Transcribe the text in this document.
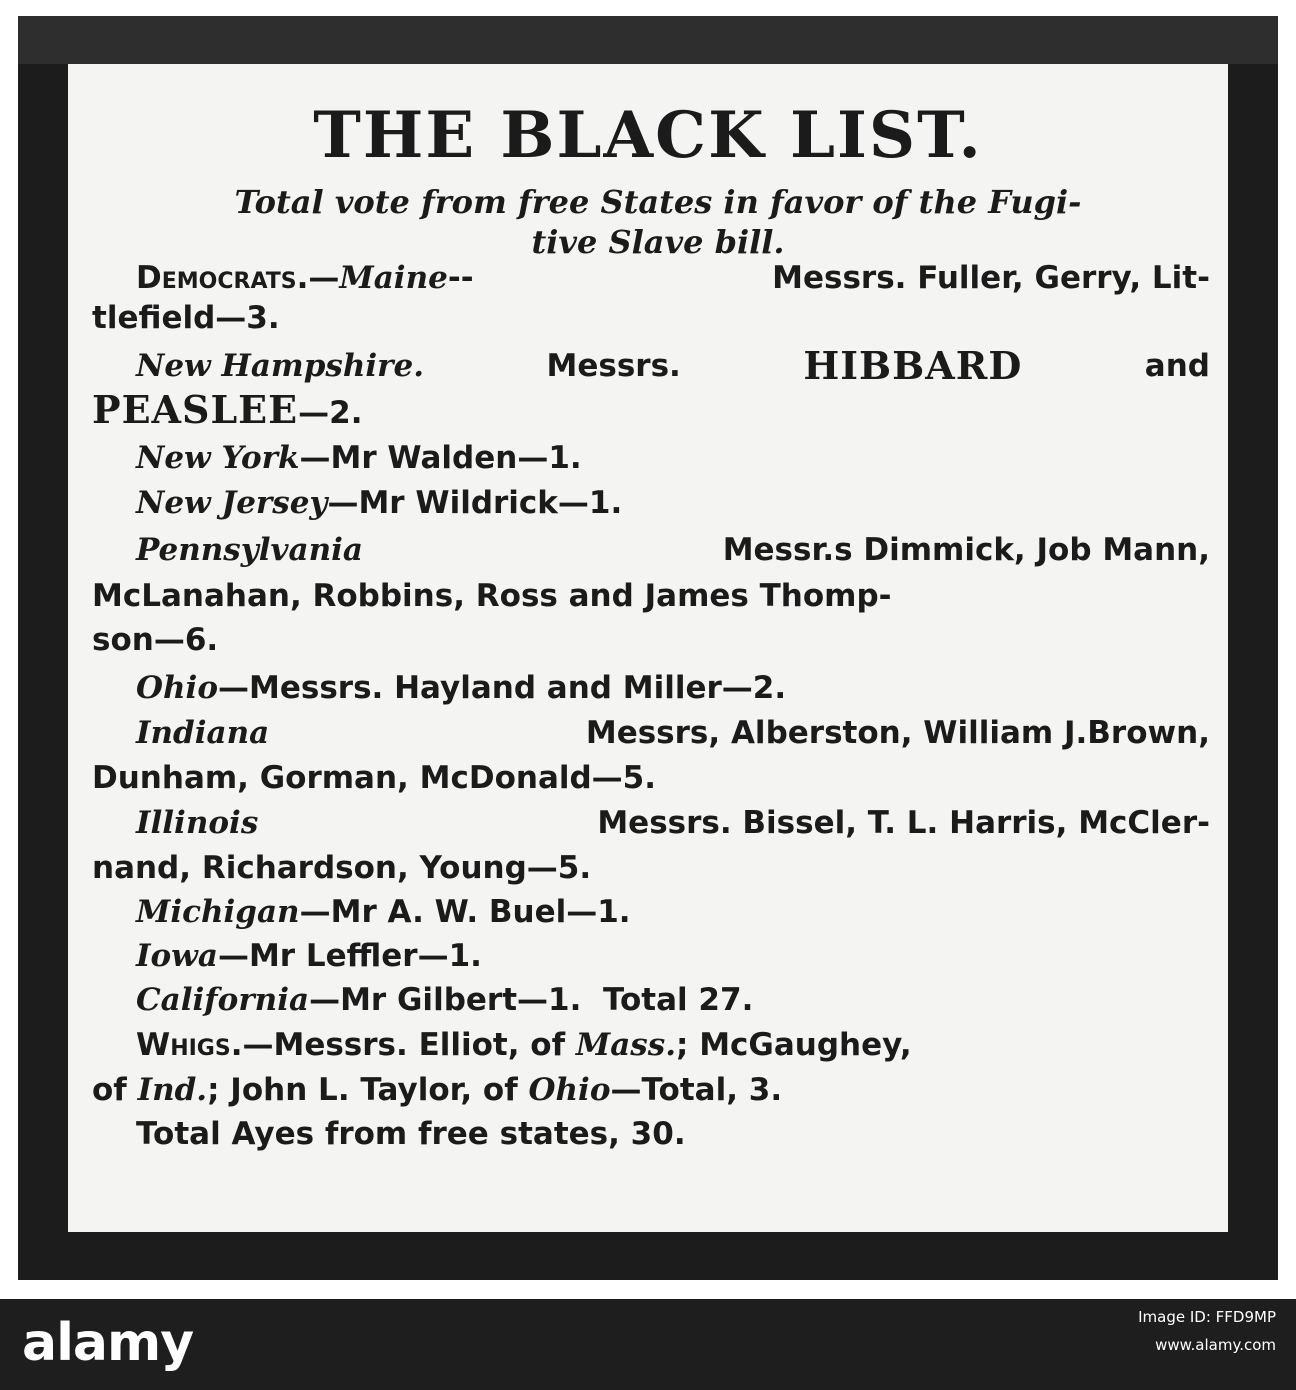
THE BLACK LIST.
Total vote from free States in favor of the Fugi-
tive Slave bill.
Democrats.—Maine--	Messrs. Fuller, Gerry, Lit-
tlefield—3.
New Hampshire.	Messrs.	HIBBARD	and
PEASLEE—2.
New York—Mr Walden—1.
New Jersey—Mr Wildrick—1.
Pennsylvania	Messr.s Dimmick, Job Mann,
McLanahan, Robbins, Ross and James Thomp-
son—6.
Ohio—Messrs. Hayland and Miller—2.
Indiana	Messrs, Alberston, William J.Brown,
Dunham, Gorman, McDonald—5.
Illinois	Messrs. Bissel, T. L. Harris, McCler-
nand, Richardson, Young—5.
Michigan—Mr A. W. Buel—1.
Iowa—Mr Leffler—1.
California—Mr Gilbert—1. Total 27.
Whigs.—Messrs. Elliot, of Mass.; McGaughey,
of Ind.; John L. Taylor, of Ohio—Total, 3.
Total Ayes from free states, 30.
alamy	Image ID: FFD9MP
www.alamy.com
